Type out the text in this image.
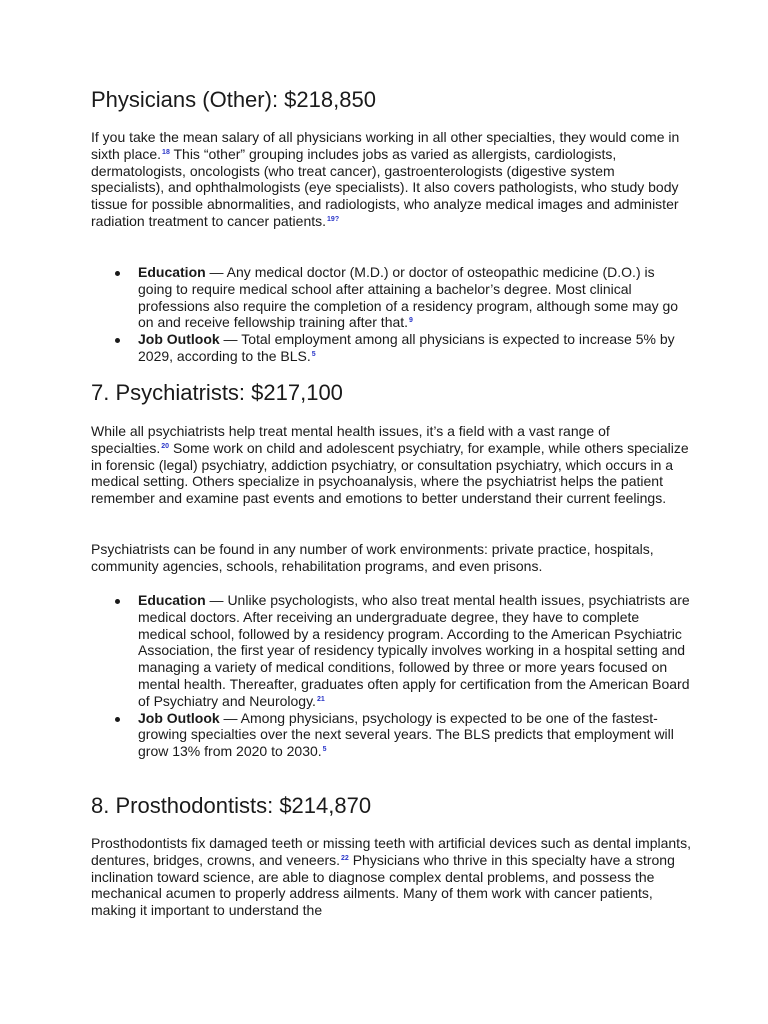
Physicians (Other): $218,850

If you take the mean salary of all physicians working in all other specialties, they would come in sixth place.$^{18}$ This “other” grouping includes jobs as varied as allergists, cardiologists, dermatologists, oncologists (who treat cancer), gastroenterologists (digestive system specialists), and ophthalmologists (eye specialists). It also covers pathologists, who study body tissue for possible abnormalities, and radiologists, who analyze medical images and administer radiation treatment to cancer patients.$^{19?}$

Education — Any medical doctor (M.D.) or doctor of osteopathic medicine (D.O.) is going to require medical school after attaining a bachelor’s degree. Most clinical professions also require the completion of a residency program, although some may go on and receive fellowship training after that.$^9$
Job Outlook — Total employment among all physicians is expected to increase 5% by 2029, according to the BLS.$^5$
7. Psychiatrists: $217,100

While all psychiatrists help treat mental health issues, it’s a field with a vast range of specialties.$^{20}$ Some work on child and adolescent psychiatry, for example, while others specialize in forensic (legal) psychiatry, addiction psychiatry, or consultation psychiatry, which occurs in a medical setting. Others specialize in psychoanalysis, where the psychiatrist helps the patient remember and examine past events and emotions to better understand their current feelings.

Psychiatrists can be found in any number of work environments: private practice, hospitals, community agencies, schools, rehabilitation programs, and even prisons.

Education — Unlike psychologists, who also treat mental health issues, psychiatrists are medical doctors. After receiving an undergraduate degree, they have to complete medical school, followed by a residency program. According to the American Psychiatric Association, the first year of residency typically involves working in a hospital setting and managing a variety of medical conditions, followed by three or more years focused on mental health. Thereafter, graduates often apply for certification from the American Board of Psychiatry and Neurology.$^{21}$
Job Outlook — Among physicians, psychology is expected to be one of the fastest-growing specialties over the next several years. The BLS predicts that employment will grow 13% from 2020 to 2030.$^5$
8. Prosthodontists: $214,870

Prosthodontists fix damaged teeth or missing teeth with artificial devices such as dental implants, dentures, bridges, crowns, and veneers.$^{22}$ Physicians who thrive in this specialty have a strong inclination toward science, are able to diagnose complex dental problems, and possess the mechanical acumen to properly address ailments. Many of them work with cancer patients, making it important to understand the
